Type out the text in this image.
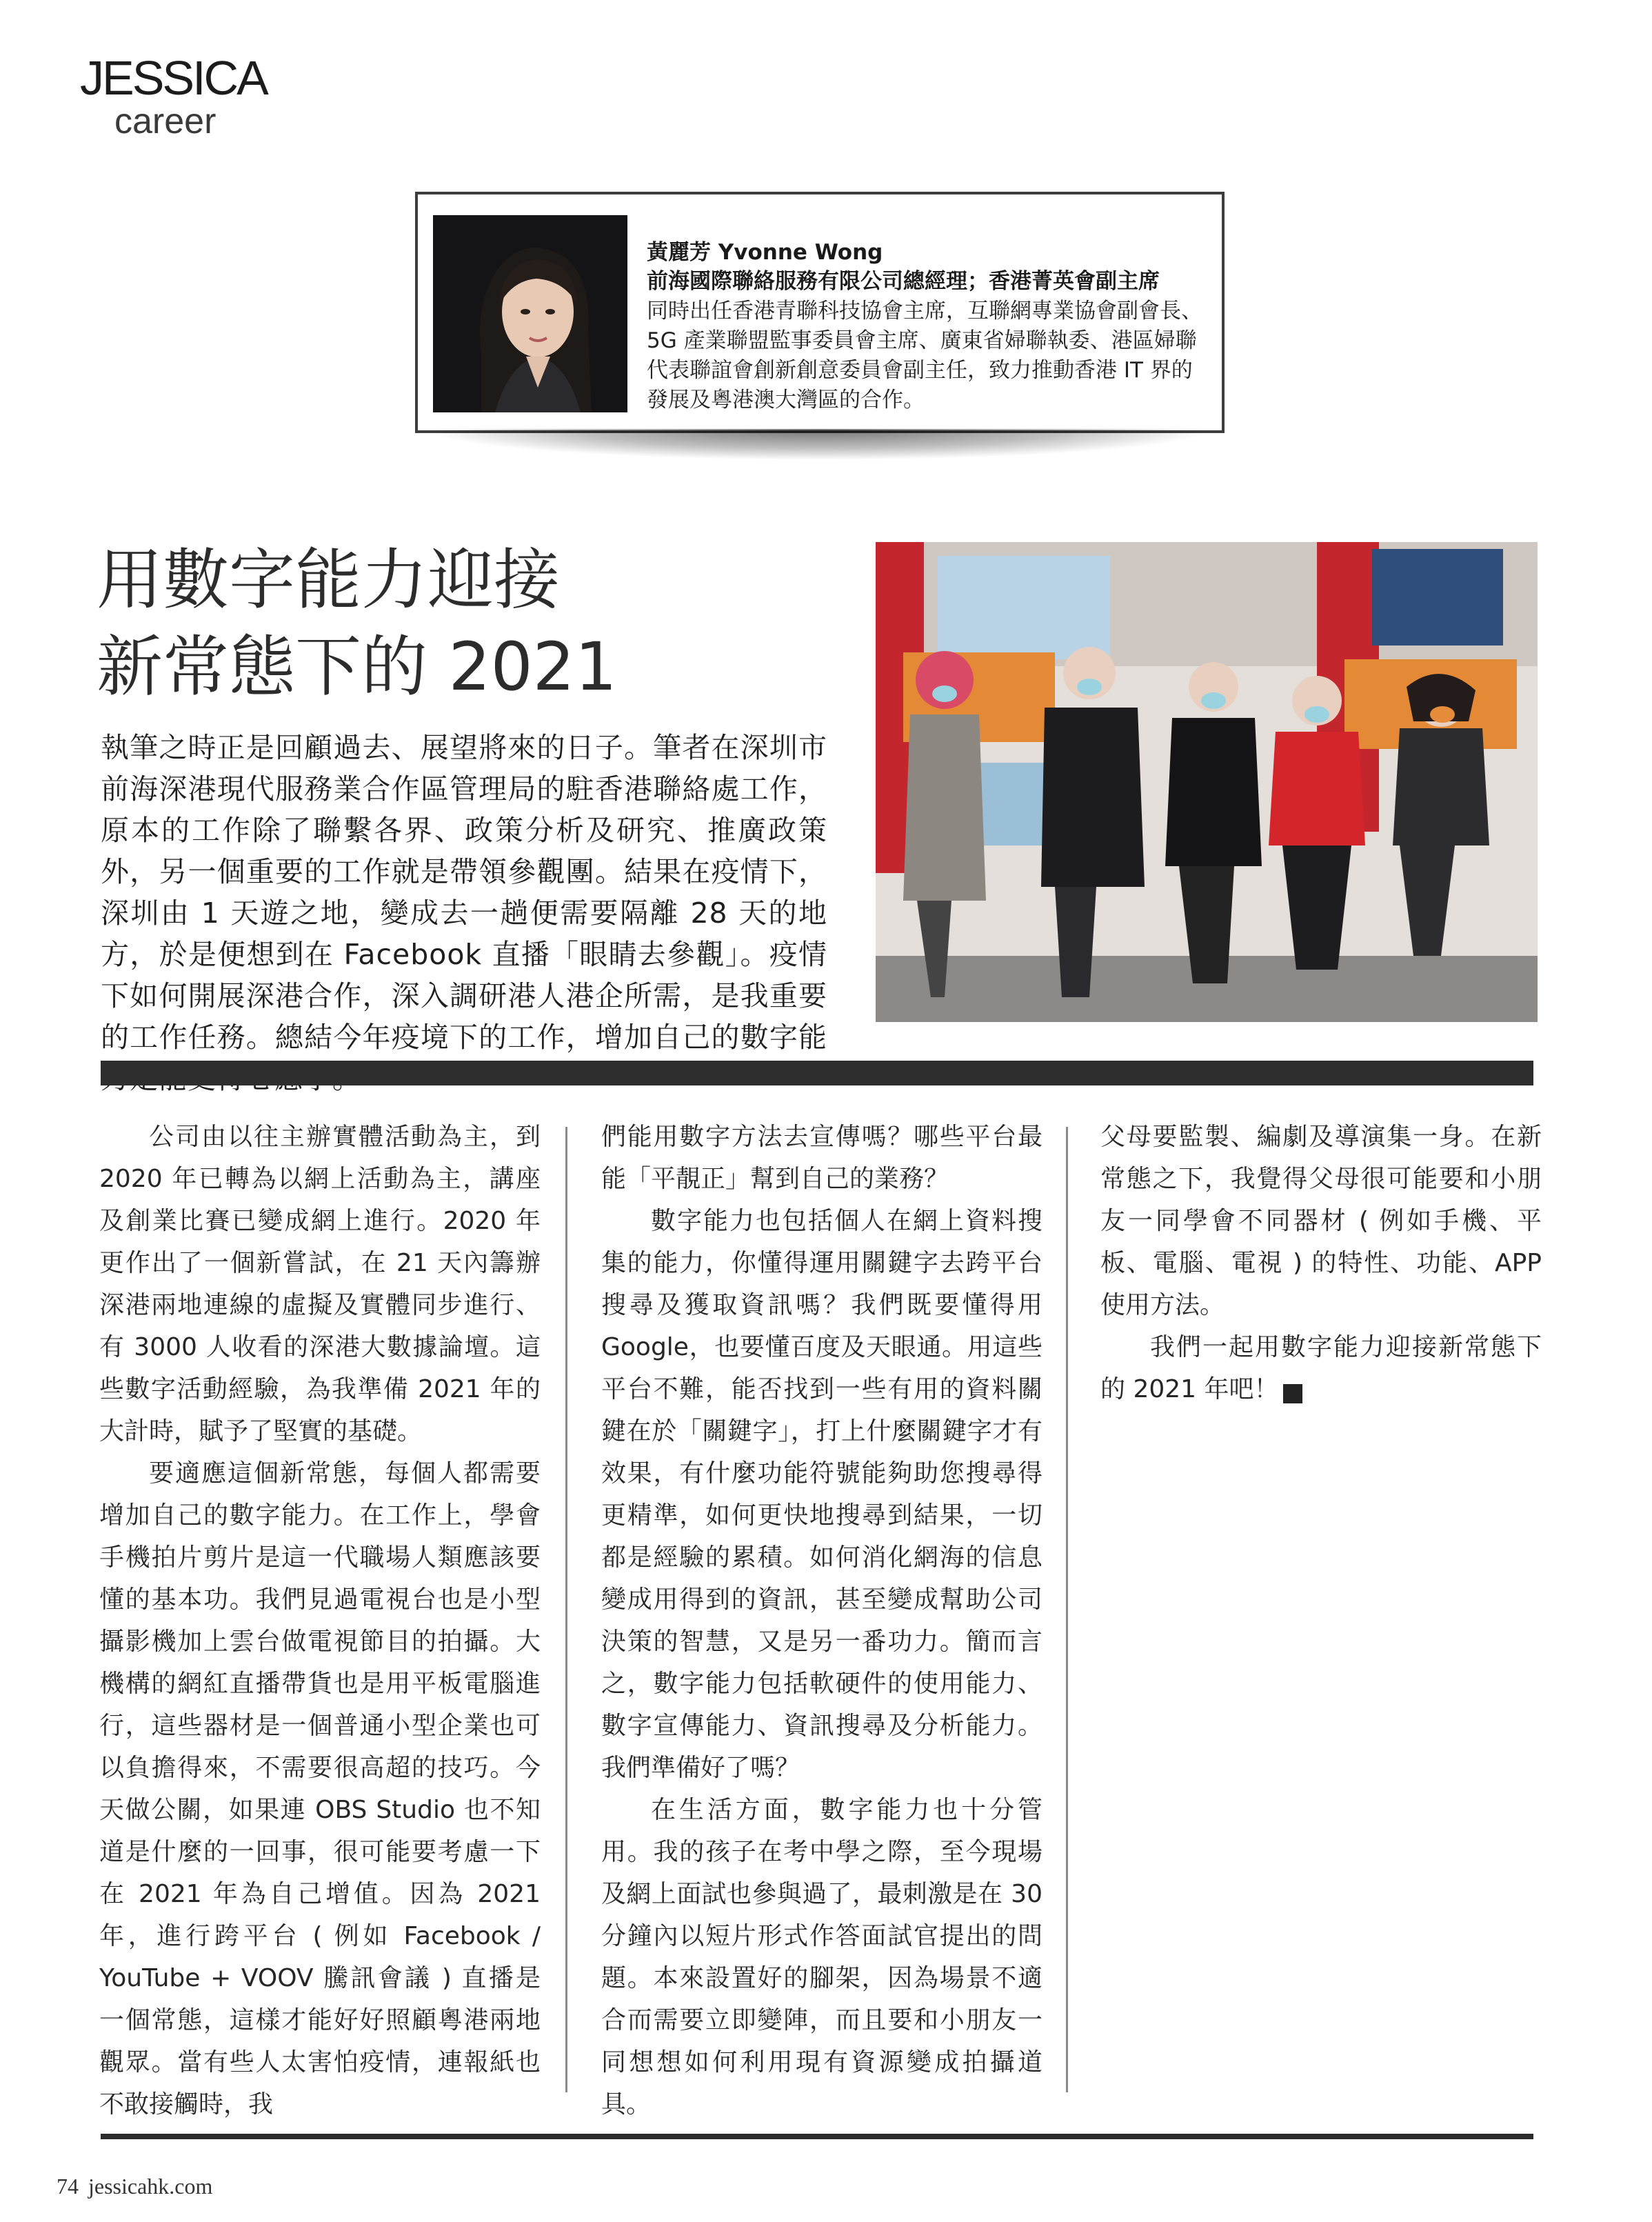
JESSICA
career
黃麗芳 Yvonne Wong
前海國際聯絡服務有限公司總經理；香港菁英會副主席
同時出任香港青聯科技協會主席，互聯網專業協會副會長、5G 產業聯盟監事委員會主席、廣東省婦聯執委、港區婦聯代表聯誼會創新創意委員會副主任，致力推動香港 IT 界的發展及粵港澳大灣區的合作。
用數字能力迎接
新常態下的 2021
執筆之時正是回顧過去、展望將來的日子。筆者在深圳市前海深港現代服務業合作區管理局的駐香港聯絡處工作，原本的工作除了聯繫各界、政策分析及研究、推廣政策外，另一個重要的工作就是帶領參觀團。結果在疫情下，深圳由 1 天遊之地，變成去一趟便需要隔離 28 天的地方，於是便想到在 Facebook 直播「眼睛去參觀」。疫情下如何開展深港合作，深入調研港人港企所需，是我重要的工作任務。總結今年疫境下的工作，增加自己的數字能

公司由以往主辦實體活動為主，到 2020 年已轉為以網上活動為主，講座及創業比賽已變成網上進行。2020 年更作出了一個新嘗試，在 21 天內籌辦深港兩地連線的虛擬及實體同步進行、有 3000 人收看的深港大數據論壇。這些數字活動經驗，為我準備 2021 年的大計時，賦予了堅實的基礎。

要適應這個新常態，每個人都需要增加自己的數字能力。在工作上，學會手機拍片剪片是這一代職場人類應該要懂的基本功。我們見過電視台也是小型攝影機加上雲台做電視節目的拍攝。大機構的網紅直播帶貨也是用平板電腦進行，這些器材是一個普通小型企業也可以負擔得來，不需要很高超的技巧。今天做公關，如果連 OBS Studio 也不知道是什麼的一回事，很可能要考慮一下在 2021 年為自己增值。因為 2021 年，進行跨平台 ( 例如 Facebook / YouTube + VOOV 騰訊會議 ) 直播是一個常態，這樣才能好好照顧粵港兩地觀眾。當有些人太害怕疫情，連報紙也不敢接觸時，我

們能用數字方法去宣傳嗎？哪些平台最能「平靚正」幫到自己的業務？

數字能力也包括個人在網上資料搜集的能力，你懂得運用關鍵字去跨平台搜尋及獲取資訊嗎？我們既要懂得用 Google，也要懂百度及天眼通。用這些平台不難，能否找到一些有用的資料關鍵在於「關鍵字」，打上什麼關鍵字才有效果，有什麼功能符號能夠助您搜尋得更精準，如何更快地搜尋到結果，一切都是經驗的累積。如何消化網海的信息變成用得到的資訊，甚至變成幫助公司決策的智慧，又是另一番功力。簡而言之，數字能力包括軟硬件的使用能力、數字宣傳能力、資訊搜尋及分析能力。我們準備好了嗎？

在生活方面，數字能力也十分管用。我的孩子在考中學之際，至今現場及網上面試也參與過了，最刺激是在 30 分鐘內以短片形式作答面試官提出的問題。本來設置好的腳架，因為場景不適合而需要立即變陣，而且要和小朋友一同想想如何利用現有資源變成拍攝道具。

父母要監製、編劇及導演集一身。在新常態之下，我覺得父母很可能要和小朋友一同學會不同器材 ( 例如手機、平板、電腦、電視 ) 的特性、功能、APP 使用方法。

我們一起用數字能力迎接新常態下的 2021 年吧！	J

74 jessicahk.com
